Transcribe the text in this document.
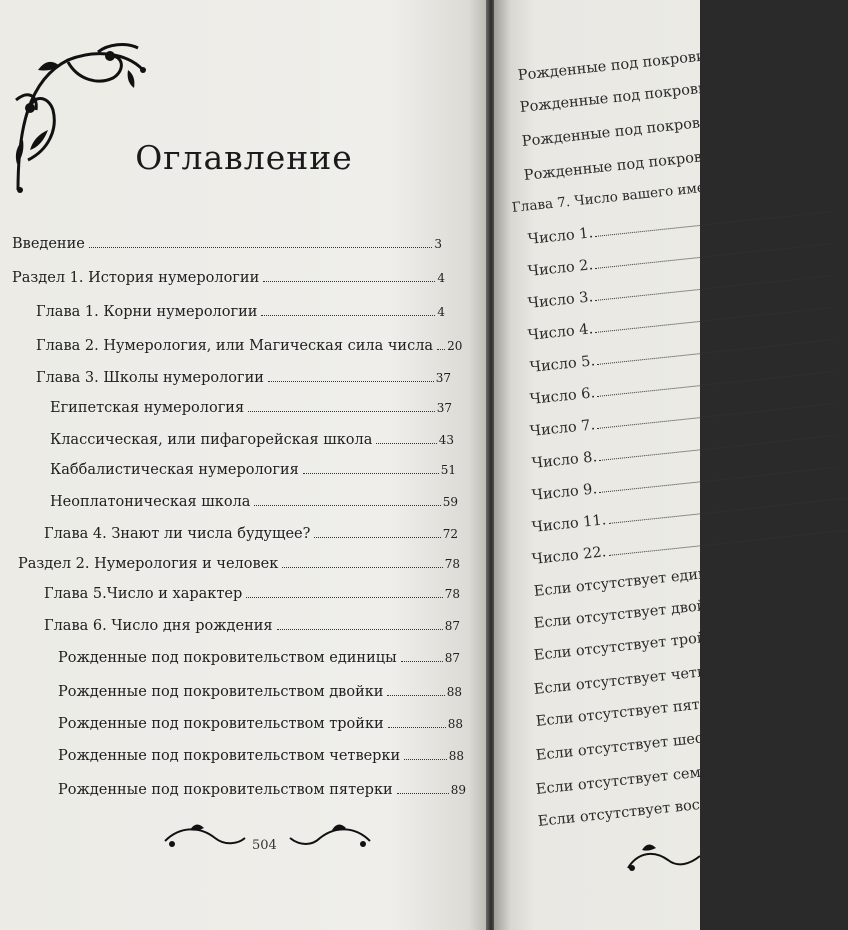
Оглавление
Введение	3
Раздел 1. История нумерологии	4
Глава 1. Корни нумерологии	4
Глава 2. Нумерология, или Магическая сила числа 20
Глава 3. Школы нумерологии	37
Египетская нумерология	37
Классическая, или пифагорейская школа	43
Каббалистическая нумерология	51
Неоплатоническая школа	59
Глава 4. Знают ли числа будущее?	72
Раздел 2. Нумерология и человек	78
Глава 5.Число и характер	78
Глава 6. Число дня рождения	87
Рожденные под покровительством единицы	87
Рожденные под покровительством двойки	88
Рожденные под покровительством тройки	88
Рожденные под покровительством четверки	88
Рожденные под покровительством пятерки	89
504
Рожденные под покровите
Рожденные под покровите
Рожденные под покровите
Рожденные под покровите
Глава 7. Число вашего имен
Число 1.
Число 2.
Число 3.
Число 4.
Число 5.
Число 6.
Число 7.
Число 8.
Число 9.
Число 11.
Число 22.
Если отсутствует единиц
Если отсутствует двойка
Если отсутствует тройк
Если отсутствует четвер
Если отсутствует пятер
Если отсутствует шесте
Если отсутствует семер
Если отсутствует восьм
